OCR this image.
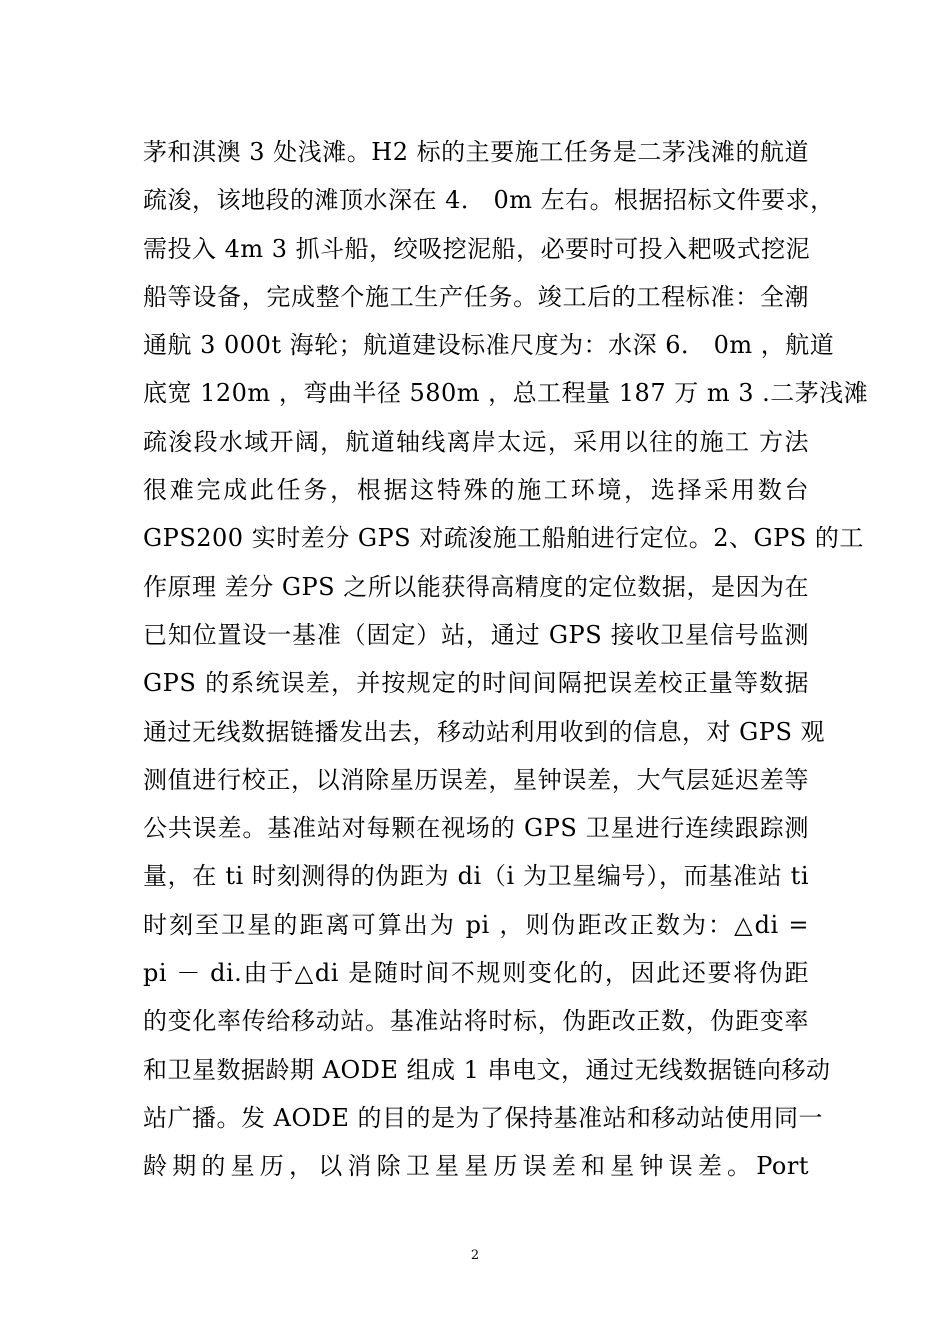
茅和淇澳 3 处浅滩。H2 标的主要施工任务是二茅浅滩的航道
疏浚，该地段的滩顶水深在 4． 0m 左右。根据招标文件要求，
需投入 4m 3 抓斗船，绞吸挖泥船，必要时可投入耙吸式挖泥
船等设备，完成整个施工生产任务。竣工后的工程标准：全潮
通航 3 000t 海轮；航道建设标准尺度为：水深 6． 0m ，航道
底宽 120m ，弯曲半径 580m ，总工程量 187 万 m 3 .二茅浅滩
疏浚段水域开阔，航道轴线离岸太远，采用以往的施工 方法
很难完成此任务，根据这特殊的施工环境，选择采用数台
GPS200 实时差分 GPS 对疏浚施工船舶进行定位。2、GPS 的工
作原理 差分 GPS 之所以能获得高精度的定位数据，是因为在
已知位置设一基准（固定）站，通过 GPS 接收卫星信号监测
GPS 的系统误差，并按规定的时间间隔把误差校正量等数据
通过无线数据链播发出去，移动站利用收到的信息，对 GPS 观
测值进行校正，以消除星历误差，星钟误差，大气层延迟差等
公共误差。基准站对每颗在视场的 GPS 卫星进行连续跟踪测
量，在 ti 时刻测得的伪距为 di（i 为卫星编号），而基准站 ti
时刻至卫星的距离可算出为 pi ，则伪距改正数为：△di =
pi － di.由于△di 是随时间不规则变化的，因此还要将伪距
的变化率传给移动站。基准站将时标，伪距改正数，伪距变率
和卫星数据龄期 AODE 组成 1 串电文，通过无线数据链向移动
站广播。发 AODE 的目的是为了保持基准站和移动站使用同一
龄期的星历，以消除卫星星历误差和星钟误差。Port
2
